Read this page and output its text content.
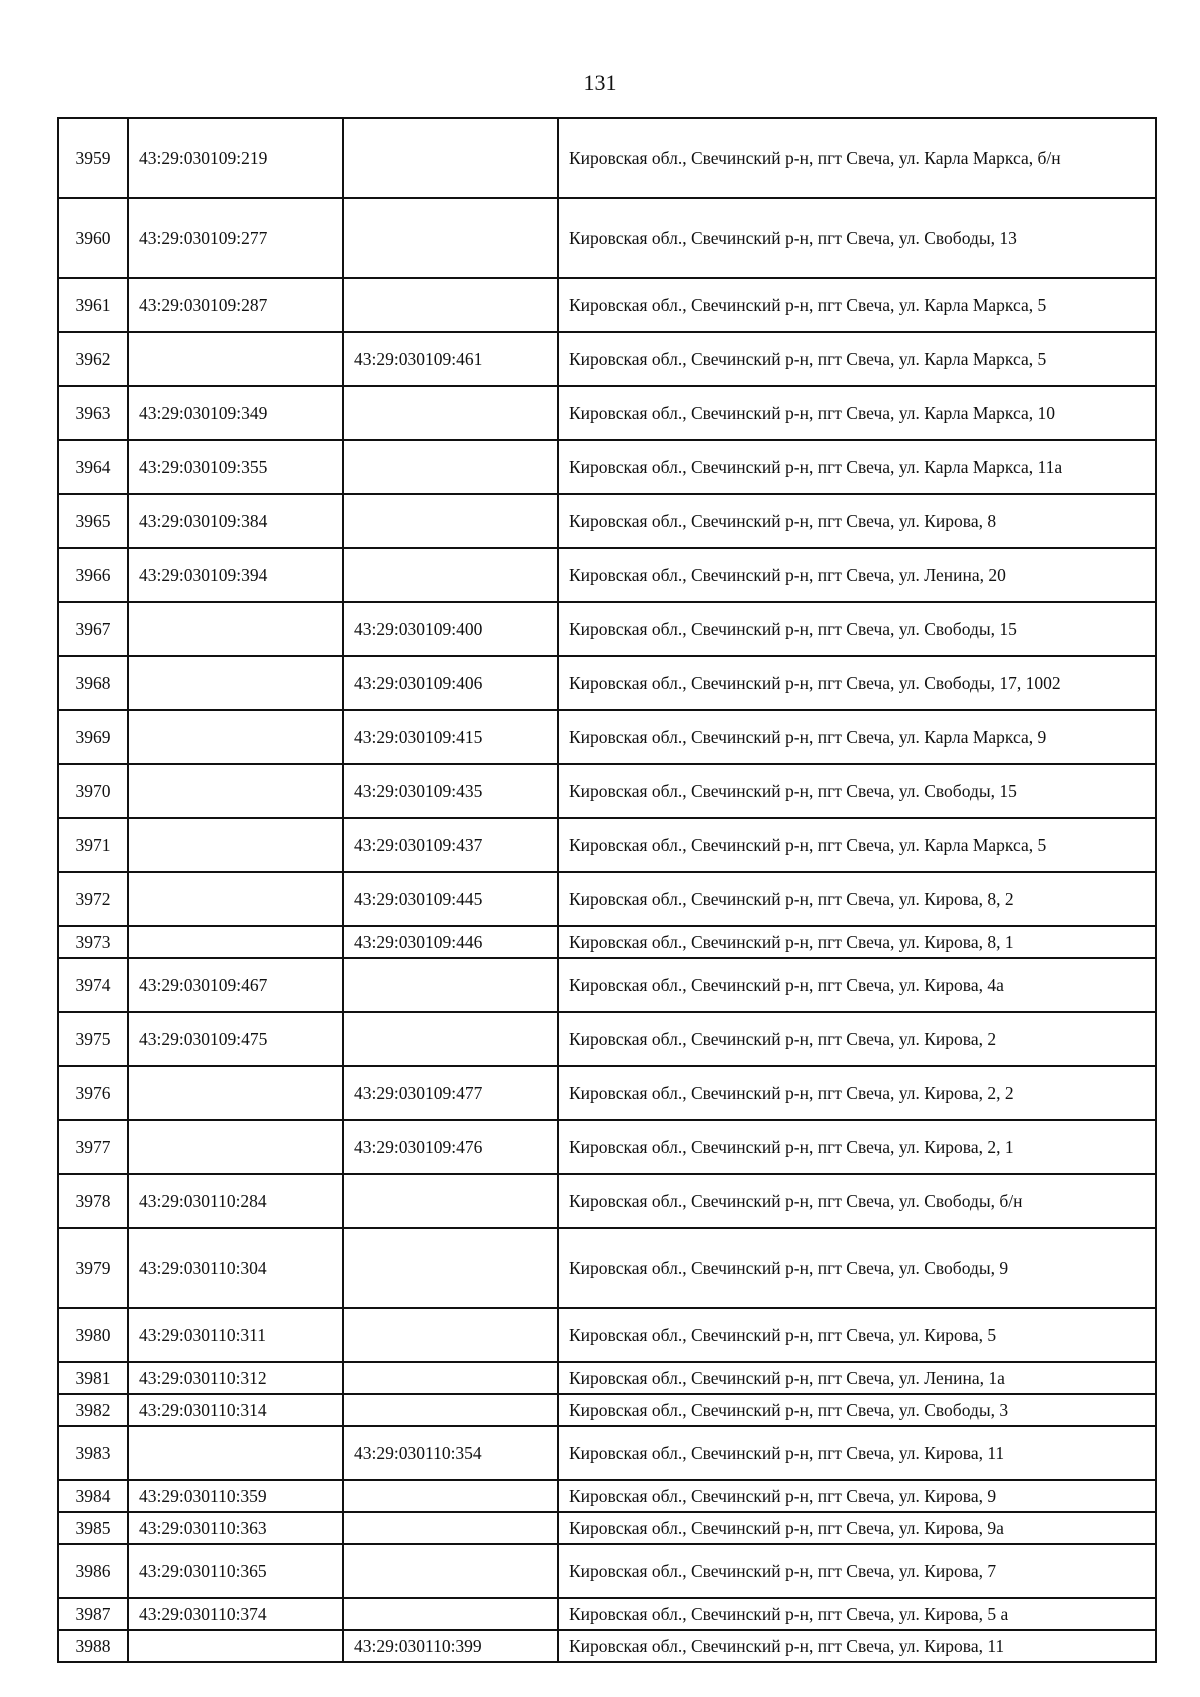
131
3959	43:29:030109:219		Кировская обл., Свечинский р-н, пгт Свеча, ул. Карла Маркса, б/н
3960	43:29:030109:277		Кировская обл., Свечинский р-н, пгт Свеча, ул. Свободы, 13
3961	43:29:030109:287		Кировская обл., Свечинский р-н, пгт Свеча, ул. Карла Маркса, 5
3962		43:29:030109:461	Кировская обл., Свечинский р-н, пгт Свеча, ул. Карла Маркса, 5
3963	43:29:030109:349		Кировская обл., Свечинский р-н, пгт Свеча, ул. Карла Маркса, 10
3964	43:29:030109:355		Кировская обл., Свечинский р-н, пгт Свеча, ул. Карла Маркса, 11а
3965	43:29:030109:384		Кировская обл., Свечинский р-н, пгт Свеча, ул. Кирова, 8
3966	43:29:030109:394		Кировская обл., Свечинский р-н, пгт Свеча, ул. Ленина, 20
3967		43:29:030109:400	Кировская обл., Свечинский р-н, пгт Свеча, ул. Свободы, 15
3968		43:29:030109:406	Кировская обл., Свечинский р-н, пгт Свеча, ул. Свободы, 17, 1002
3969		43:29:030109:415	Кировская обл., Свечинский р-н, пгт Свеча, ул. Карла Маркса, 9
3970		43:29:030109:435	Кировская обл., Свечинский р-н, пгт Свеча, ул. Свободы, 15
3971		43:29:030109:437	Кировская обл., Свечинский р-н, пгт Свеча, ул. Карла Маркса, 5
3972		43:29:030109:445	Кировская обл., Свечинский р-н, пгт Свеча, ул. Кирова, 8, 2
3973		43:29:030109:446	Кировская обл., Свечинский р-н, пгт Свеча, ул. Кирова, 8, 1
3974	43:29:030109:467		Кировская обл., Свечинский р-н, пгт Свеча, ул. Кирова, 4а
3975	43:29:030109:475		Кировская обл., Свечинский р-н, пгт Свеча, ул. Кирова, 2
3976		43:29:030109:477	Кировская обл., Свечинский р-н, пгт Свеча, ул. Кирова, 2, 2
3977		43:29:030109:476	Кировская обл., Свечинский р-н, пгт Свеча, ул. Кирова, 2, 1
3978	43:29:030110:284		Кировская обл., Свечинский р-н, пгт Свеча, ул. Свободы, б/н
3979	43:29:030110:304		Кировская обл., Свечинский р-н, пгт Свеча, ул. Свободы, 9
3980	43:29:030110:311		Кировская обл., Свечинский р-н, пгт Свеча, ул. Кирова, 5
3981	43:29:030110:312		Кировская обл., Свечинский р-н, пгт Свеча, ул. Ленина, 1а
3982	43:29:030110:314		Кировская обл., Свечинский р-н, пгт Свеча, ул. Свободы, 3
3983		43:29:030110:354	Кировская обл., Свечинский р-н, пгт Свеча, ул. Кирова, 11
3984	43:29:030110:359		Кировская обл., Свечинский р-н, пгт Свеча, ул. Кирова, 9
3985	43:29:030110:363		Кировская обл., Свечинский р-н, пгт Свеча, ул. Кирова, 9а
3986	43:29:030110:365		Кировская обл., Свечинский р-н, пгт Свеча, ул. Кирова, 7
3987	43:29:030110:374		Кировская обл., Свечинский р-н, пгт Свеча, ул. Кирова, 5 а
3988		43:29:030110:399	Кировская обл., Свечинский р-н, пгт Свеча, ул. Кирова, 11
